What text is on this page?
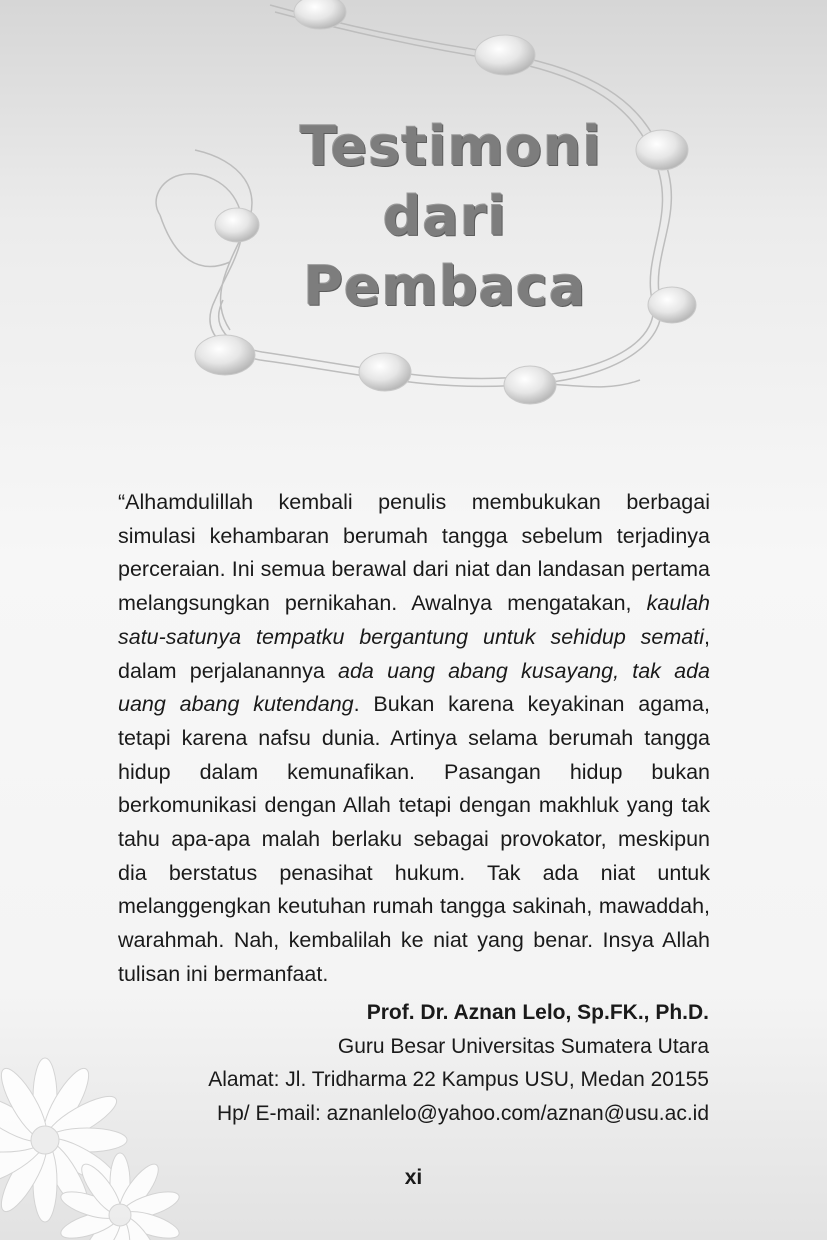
Testimoni
dari
Pembaca

“Alhamdulillah kembali penulis membukukan berbagai simulasi kehambaran berumah tangga sebelum terjadinya perceraian. Ini semua berawal dari niat dan landasan pertama melangsungkan pernikahan. Awalnya mengatakan, kaulah satu-satunya tempatku bergantung untuk sehidup semati, dalam perjalanannya ada uang abang kusayang, tak ada uang abang kutendang. Bukan karena keyakinan agama, tetapi karena nafsu dunia. Artinya selama berumah tangga hidup dalam kemunafikan. Pasangan hidup bukan berkomunikasi dengan Allah tetapi dengan makhluk yang tak tahu apa-apa malah berlaku sebagai provokator, meskipun dia berstatus penasihat hukum. Tak ada niat untuk melanggengkan keutuhan rumah tangga sakinah, mawaddah, warahmah. Nah, kembalilah ke niat yang benar. Insya Allah tulisan ini bermanfaat.

Prof. Dr. Aznan Lelo, Sp.FK., Ph.D.
Guru Besar Universitas Sumatera Utara
Alamat: Jl. Tridharma 22 Kampus USU, Medan 20155
Hp/ E-mail: aznanlelo@yahoo.com/aznan@usu.ac.id
xi
